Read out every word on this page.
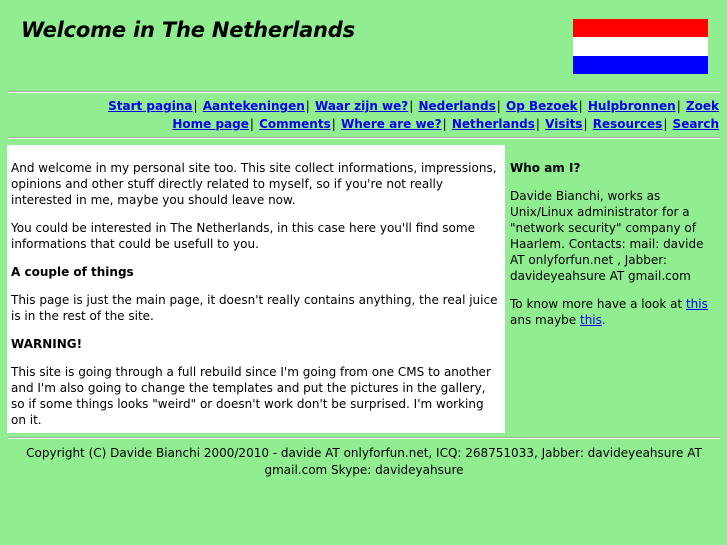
Welcome in The Netherlands
Start pagina| Aantekeningen| Waar zijn we?| Nederlands| Op Bezoek| Hulpbronnen| Zoek
Home page| Comments| Where are we?| Netherlands| Visits| Resources| Search

And welcome in my personal site too. This site collect informations, impressions, opinions and other stuff directly related to myself, so if you're not really interested in me, maybe you should leave now.

You could be interested in The Netherlands, in this case here you'll find some informations that could be usefull to you.

A couple of things

This page is just the main page, it doesn't really contains anything, the real juice is in the rest of the site.

WARNING!

This site is going through a full rebuild since I'm going from one CMS to another and I'm also going to change the templates and put the pictures in the gallery, so if some things looks "weird" or doesn't work don't be surprised. I'm working on it.

Who am I?

Davide Bianchi, works as Unix/Linux administrator for a "network security" company of Haarlem. Contacts: mail: davide AT onlyforfun.net , Jabber: davideyeahsure AT gmail.com

To know more have a look at this ans maybe this.

Copyright (C) Davide Bianchi 2000/2010 - davide AT onlyforfun.net, ICQ: 268751033, Jabber: davideyeahsure AT gmail.com Skype: davideyahsure
